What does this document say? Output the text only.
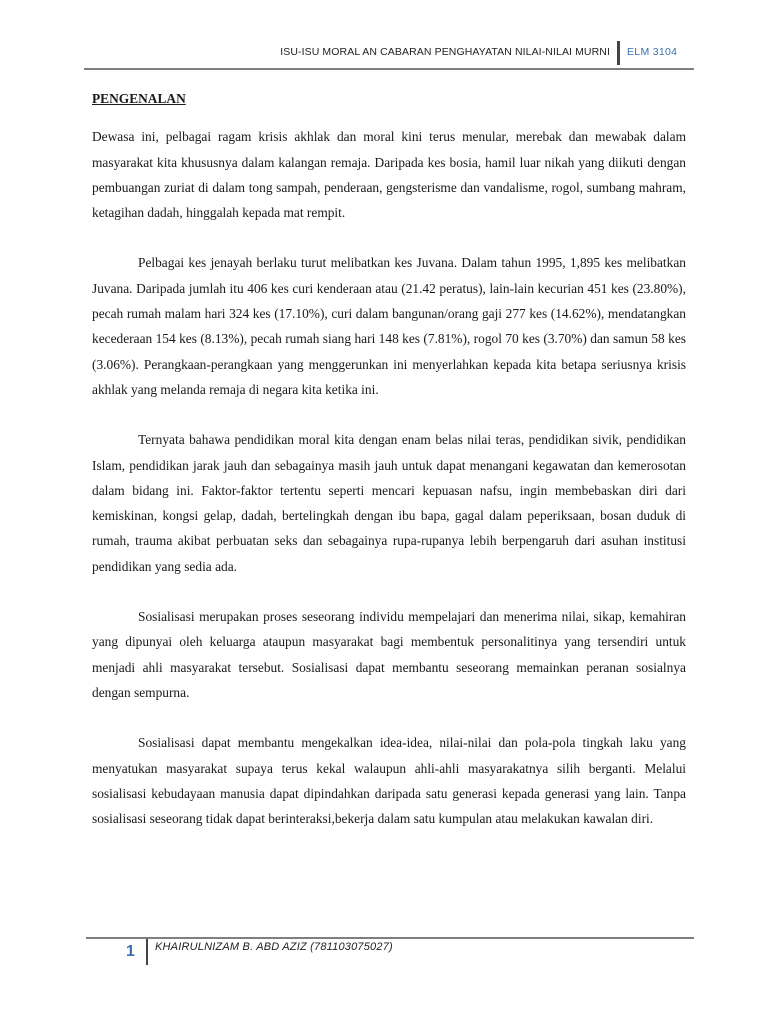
ISU-ISU MORAL AN CABARAN PENGHAYATAN NILAI-NILAI MURNI ELM 3104
PENGENALAN

Dewasa ini, pelbagai ragam krisis akhlak dan moral kini terus menular, merebak dan mewabak dalam masyarakat kita khususnya dalam kalangan remaja. Daripada kes bosia, hamil luar nikah yang diikuti dengan pembuangan zuriat di dalam tong sampah, penderaan, gengsterisme dan vandalisme, rogol, sumbang mahram, ketagihan dadah, hinggalah kepada mat rempit.

Pelbagai kes jenayah berlaku turut melibatkan kes Juvana. Dalam tahun 1995, 1,895 kes melibatkan Juvana. Daripada jumlah itu 406 kes curi kenderaan atau (21.42 peratus), lain-lain kecurian 451 kes (23.80%), pecah rumah malam hari 324 kes (17.10%), curi dalam bangunan/orang gaji 277 kes (14.62%), mendatangkan kecederaan 154 kes (8.13%), pecah rumah siang hari 148 kes (7.81%), rogol 70 kes (3.70%) dan samun 58 kes (3.06%). Perangkaan-perangkaan yang menggerunkan ini menyerlahkan kepada kita betapa seriusnya krisis akhlak yang melanda remaja di negara kita ketika ini.

Ternyata bahawa pendidikan moral kita dengan enam belas nilai teras, pendidikan sivik, pendidikan Islam, pendidikan jarak jauh dan sebagainya masih jauh untuk dapat menangani kegawatan dan kemerosotan dalam bidang ini. Faktor-faktor tertentu seperti mencari kepuasan nafsu, ingin membebaskan diri dari kemiskinan, kongsi gelap, dadah, bertelingkah dengan ibu bapa, gagal dalam peperiksaan, bosan duduk di rumah, trauma akibat perbuatan seks dan sebagainya rupa-rupanya lebih berpengaruh dari asuhan institusi pendidikan yang sedia ada.

Sosialisasi merupakan proses seseorang individu mempelajari dan menerima nilai, sikap, kemahiran yang dipunyai oleh keluarga ataupun masyarakat bagi membentuk personalitinya yang tersendiri untuk menjadi ahli masyarakat tersebut. Sosialisasi dapat membantu seseorang memainkan peranan sosialnya dengan sempurna.

Sosialisasi dapat membantu mengekalkan idea-idea, nilai-nilai dan pola-pola tingkah laku yang menyatukan masyarakat supaya terus kekal walaupun ahli-ahli masyarakatnya silih berganti. Melalui sosialisasi kebudayaan manusia dapat dipindahkan daripada satu generasi kepada generasi yang lain. Tanpa sosialisasi seseorang tidak dapat berinteraksi,bekerja dalam satu kumpulan atau melakukan kawalan diri.

1 KHAIRULNIZAM B. ABD AZIZ (781103075027)
